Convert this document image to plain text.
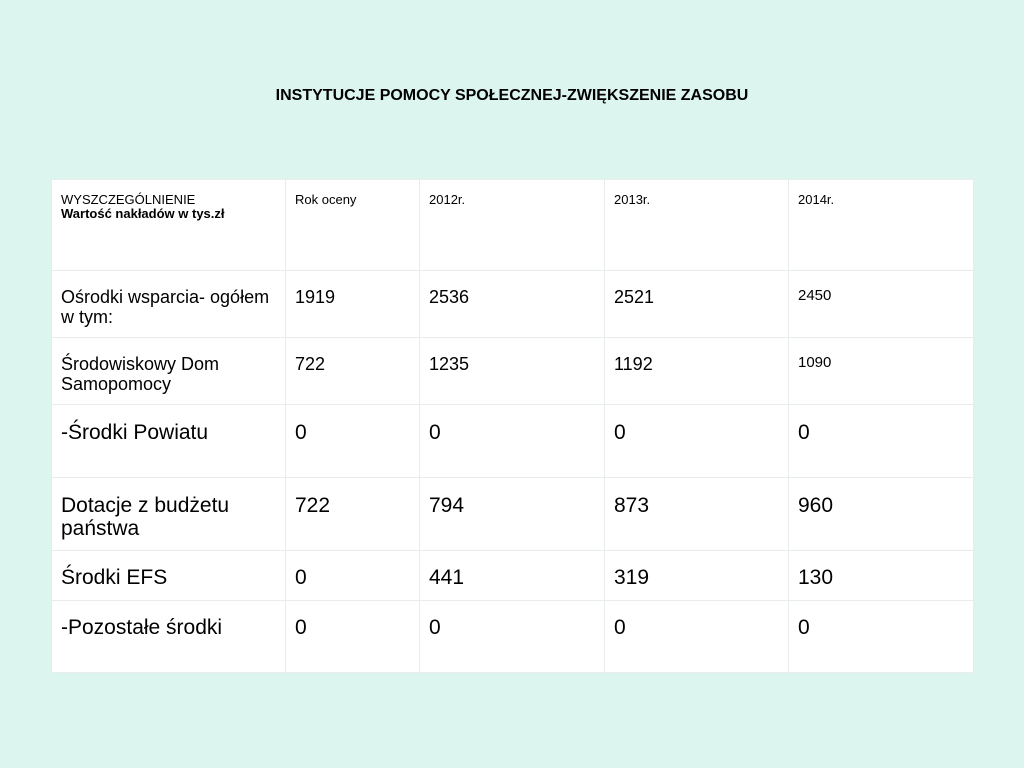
INSTYTUCJE POMOCY SPOŁECZNEJ-ZWIĘKSZENIE ZASOBU
WYSZCZEGÓLNIENIE
Wartość nakładów w tys.zł	Rok oceny	2012r.	2013r.	2014r.
Ośrodki wsparcia- ogółem w tym:	1919	2536	2521	2450
Środowiskowy Dom Samopomocy	722	1235	1192	1090
-Środki Powiatu	0	0	0	0
Dotacje z budżetu państwa	722	794	873	960
Środki EFS	0	441	319	130
-Pozostałe środki	0	0	0	0
